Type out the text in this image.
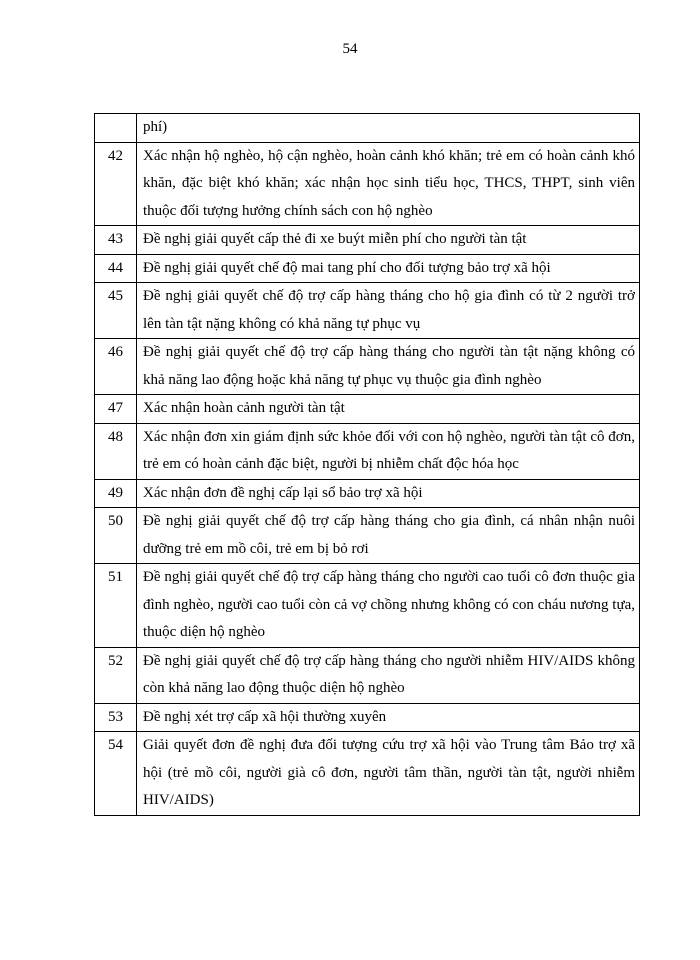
54
	phí)
42	Xác nhận hộ nghèo, hộ cận nghèo, hoàn cảnh khó khăn; trẻ em có hoàn cảnh khó khăn, đặc biệt khó khăn; xác nhận học sinh tiểu học, THCS, THPT, sinh viên thuộc đối tượng hưởng chính sách con hộ nghèo
43	Đề nghị giải quyết cấp thẻ đi xe buýt miễn phí cho người tàn tật
44	Đề nghị giải quyết chế độ mai tang phí cho đối tượng bảo trợ xã hội
45	Đề nghị giải quyết chế độ trợ cấp hàng tháng cho hộ gia đình có từ 2 người trở lên tàn tật nặng không có khả năng tự phục vụ
46	Đề nghị giải quyết chế độ trợ cấp hàng tháng cho người tàn tật nặng không có khả năng lao động hoặc khả năng tự phục vụ thuộc gia đình nghèo
47	Xác nhận hoàn cảnh người tàn tật
48	Xác nhận đơn xin giám định sức khỏe đối với con hộ nghèo, người tàn tật cô đơn, trẻ em có hoàn cảnh đặc biệt, người bị nhiễm chất độc hóa học
49	Xác nhận đơn đề nghị cấp lại sổ bảo trợ xã hội
50	Đề nghị giải quyết chế độ trợ cấp hàng tháng cho gia đình, cá nhân nhận nuôi dưỡng trẻ em mồ côi, trẻ em bị bỏ rơi
51	Đề nghị giải quyết chế độ trợ cấp hàng tháng cho người cao tuổi cô đơn thuộc gia đình nghèo, người cao tuổi còn cả vợ chồng nhưng không có con cháu nương tựa, thuộc diện hộ nghèo
52	Đề nghị giải quyết chế độ trợ cấp hàng tháng cho người nhiễm HIV/AIDS không còn khả năng lao động thuộc diện hộ nghèo
53	Đề nghị xét trợ cấp xã hội thường xuyên
54	Giải quyết đơn đề nghị đưa đối tượng cứu trợ xã hội vào Trung tâm Bảo trợ xã hội (trẻ mồ côi, người già cô đơn, người tâm thần, người tàn tật, người nhiễm HIV/AIDS)
